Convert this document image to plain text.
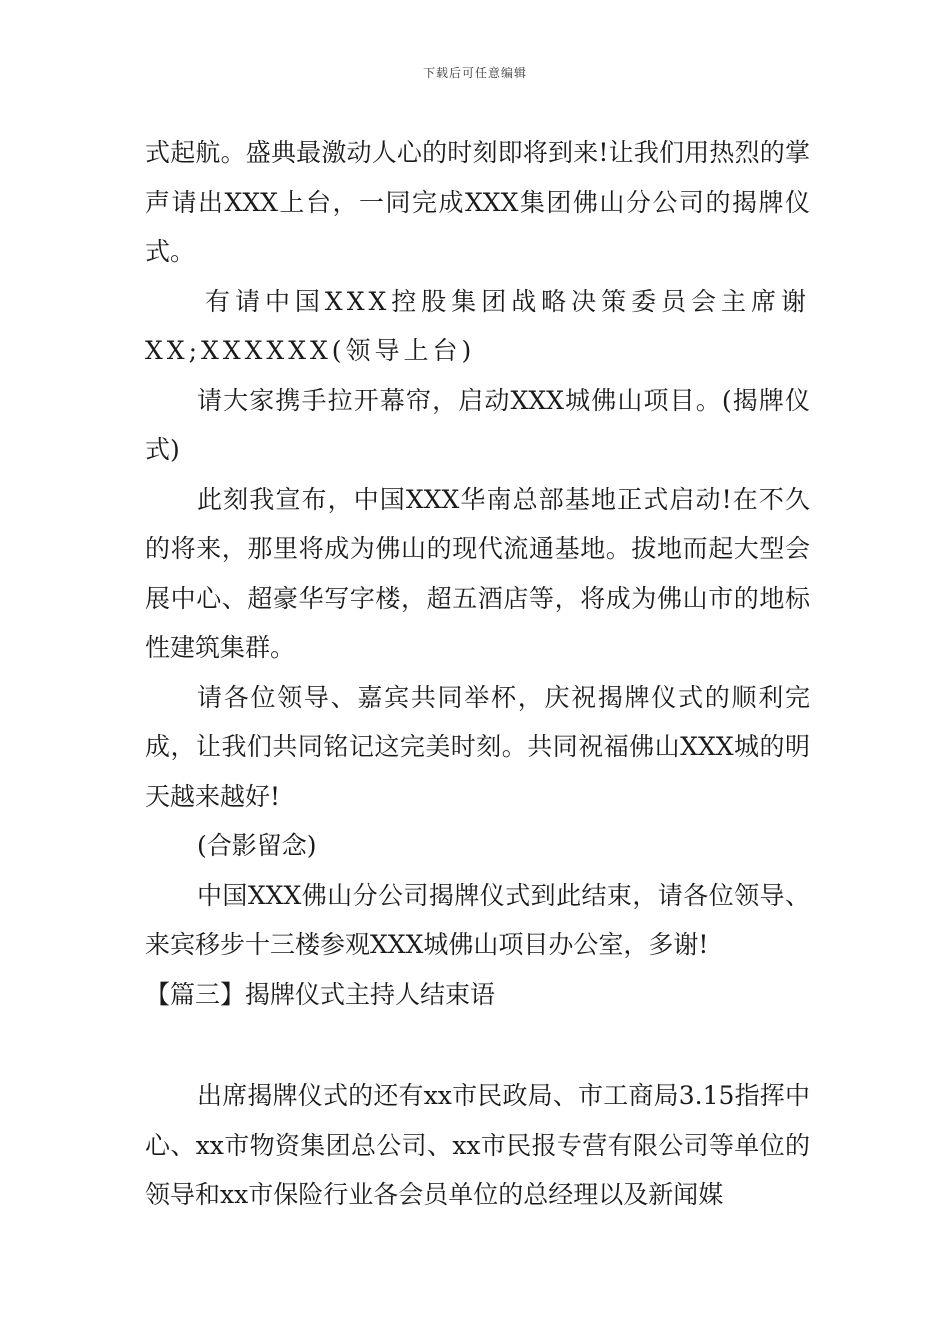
下载后可任意编辑

式起航。盛典最激动人心的时刻即将到来!让我们用热烈的掌声请出XXX上台，一同完成XXX集团佛山分公司的揭牌仪式。

有请中国XXX控股集团战略决策委员会主席谢XX;XXXXXX(领导上台)

请大家携手拉开幕帘，启动XXX城佛山项目。(揭牌仪式)

此刻我宣布，中国XXX华南总部基地正式启动!在不久的将来，那里将成为佛山的现代流通基地。拔地而起大型会展中心、超豪华写字楼，超五酒店等，将成为佛山市的地标性建筑集群。

请各位领导、嘉宾共同举杯，庆祝揭牌仪式的顺利完成，让我们共同铭记这完美时刻。共同祝福佛山XXX城的明天越来越好!

(合影留念)

中国XXX佛山分公司揭牌仪式到此结束，请各位领导、来宾移步十三楼参观XXX城佛山项目办公室，多谢!

【篇三】揭牌仪式主持人结束语

出席揭牌仪式的还有xx市民政局、市工商局3.15指挥中心、xx市物资集团总公司、xx市民报专营有限公司等单位的领导和xx市保险行业各会员单位的总经理以及新闻媒
